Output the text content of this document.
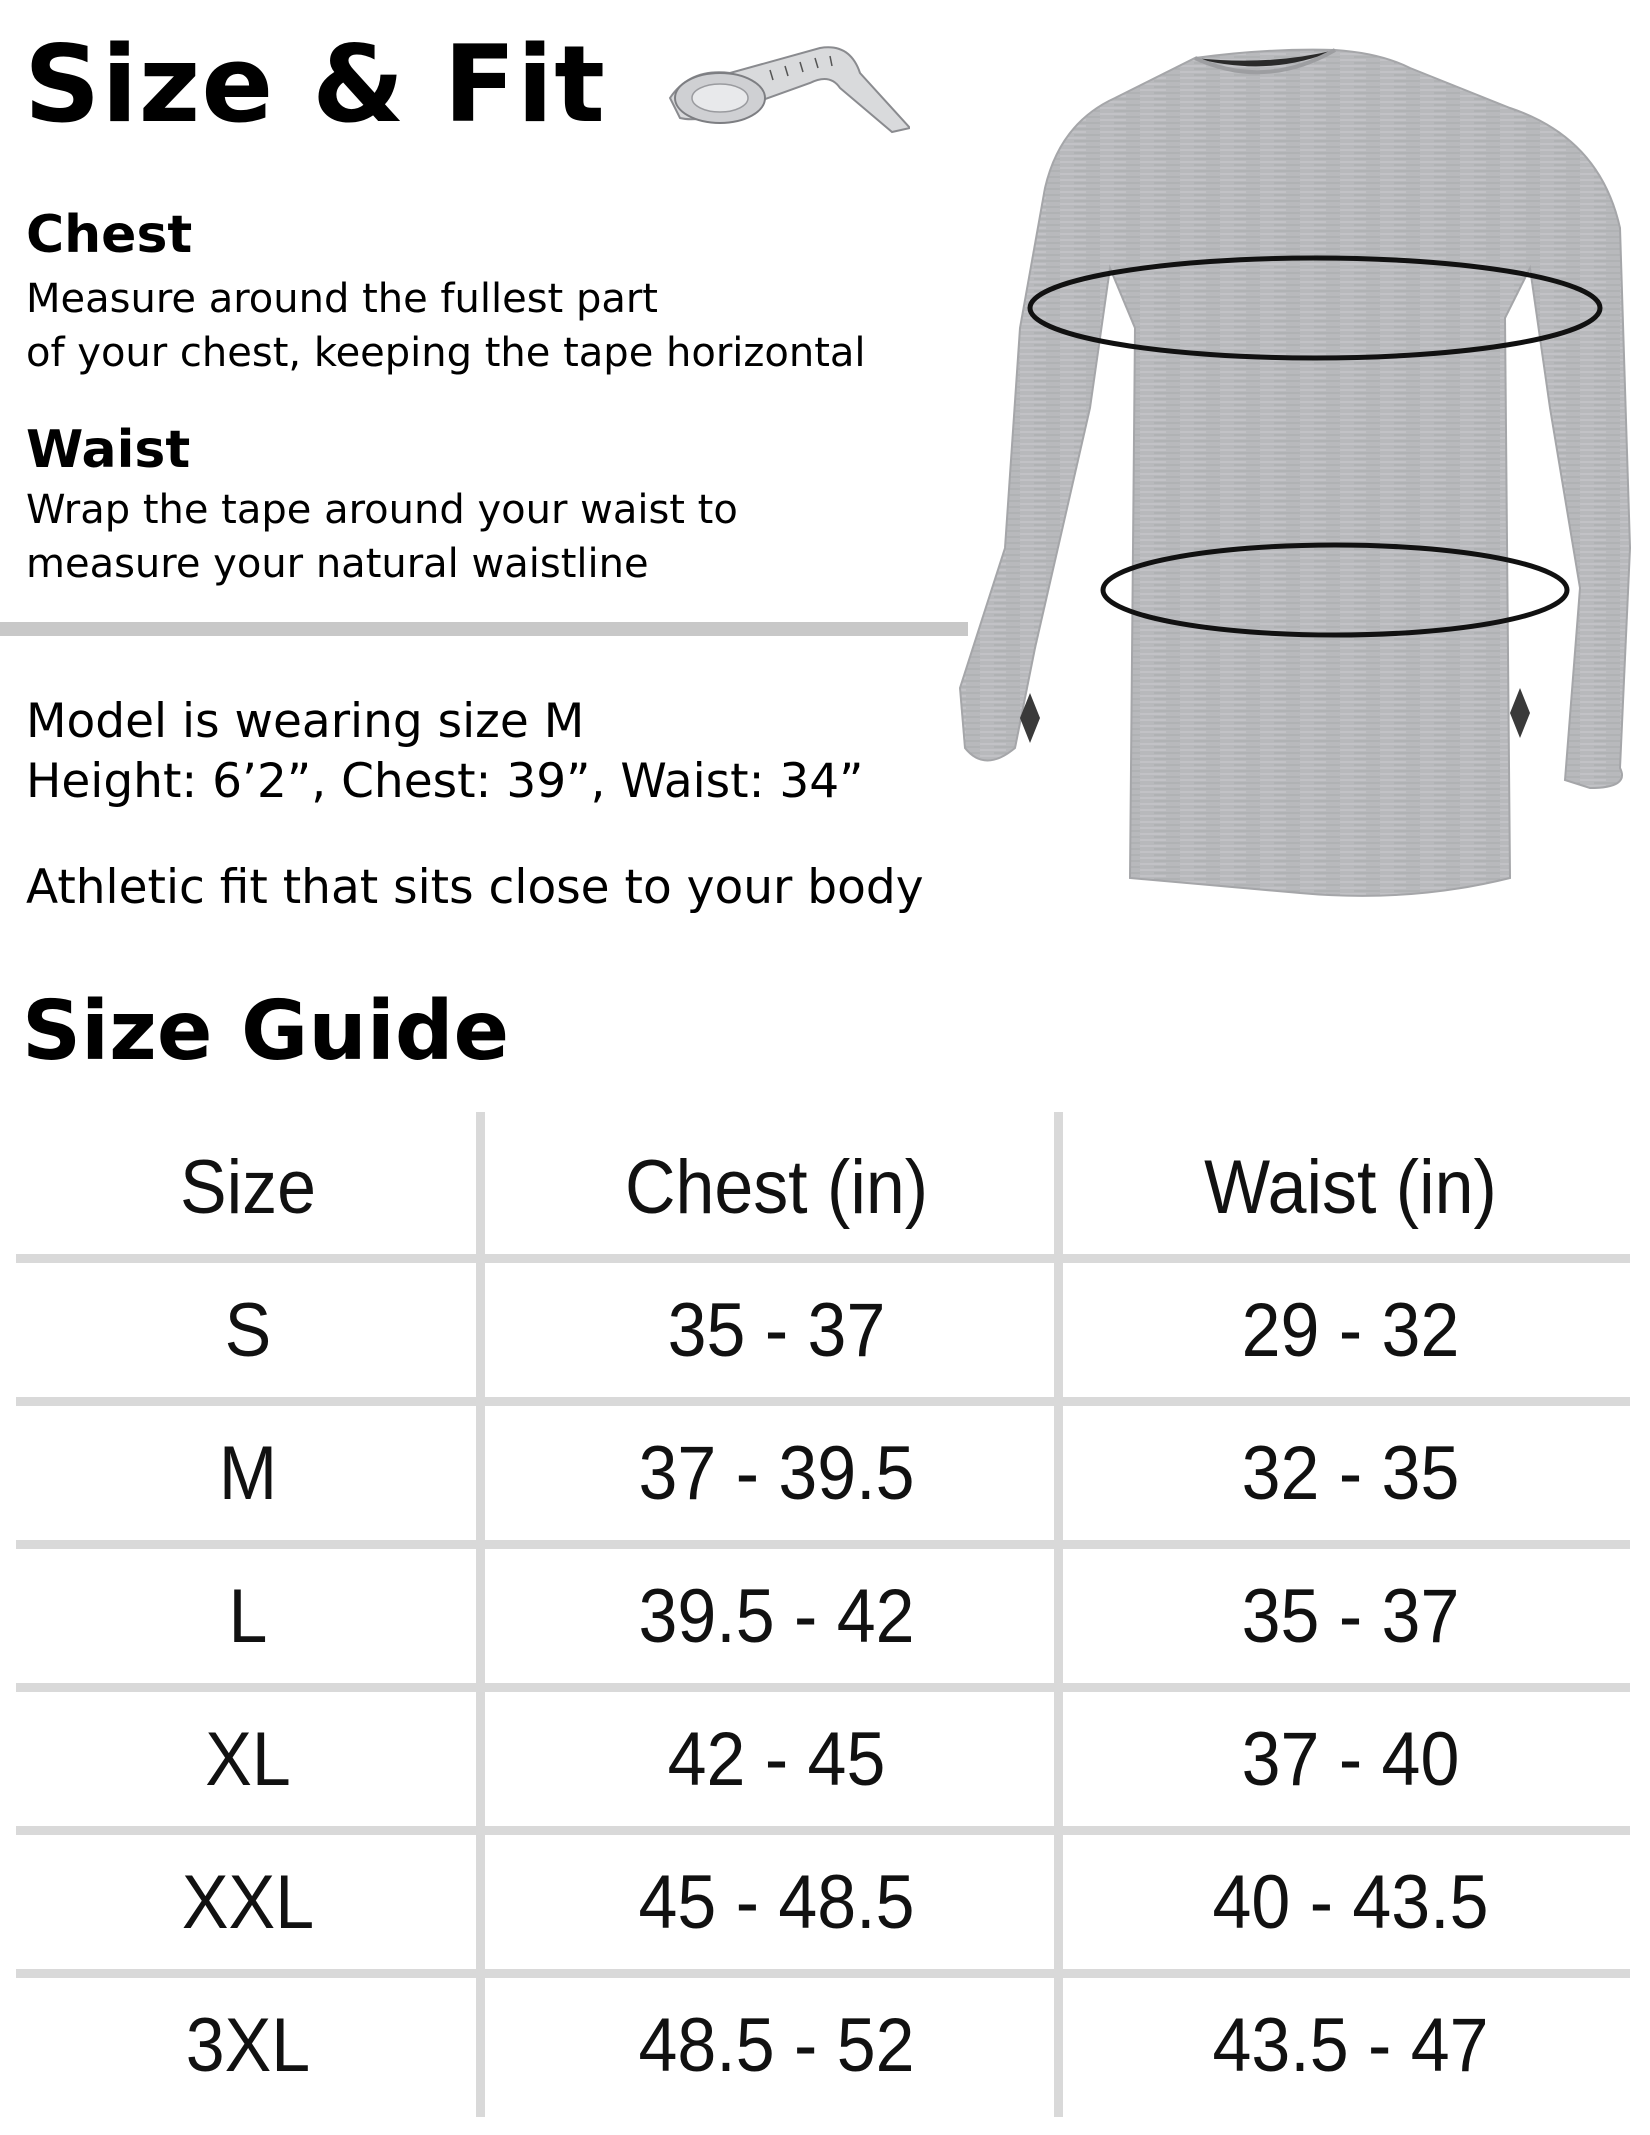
Size & Fit
Chest

Measure around the fullest part

of your chest, keeping the tape horizontal

Waist

Wrap the tape around your waist to

measure your natural waistline

Model is wearing size M

Height: 6’2”, Chest: 39”, Waist: 34”

Athletic fit that sits close to your body

Size Guide
Size	Chest (in)	Waist (in)
S	35 - 37	29 - 32
M	37 - 39.5	32 - 35
L	39.5 - 42	35 - 37
XL	42 - 45	37 - 40
XXL	45 - 48.5	40 - 43.5
3XL	48.5 - 52	43.5 - 47
